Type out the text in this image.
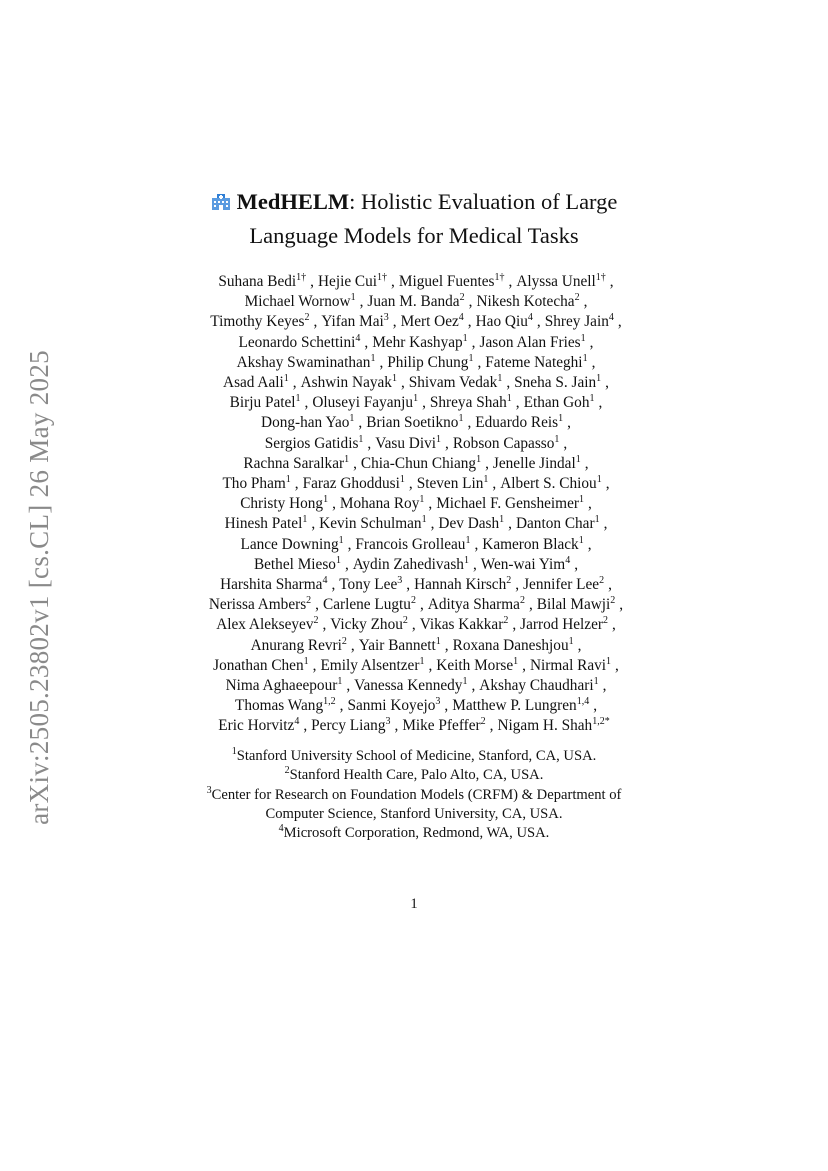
arXiv:2505.23802v1 [cs.CL] 26 May 2025
MedHELM: Holistic Evaluation of Large
Language Models for Medical Tasks
Suhana Bedi$^{1\dagger}$ , Hejie Cui$^{1\dagger}$ , Miguel Fuentes$^{1\dagger}$ , Alyssa Unell$^{1\dagger}$ ,
Michael Wornow$^1$ , Juan M. Banda$^2$ , Nikesh Kotecha$^2$ ,
Timothy Keyes$^2$ , Yifan Mai$^3$ , Mert Oez$^4$ , Hao Qiu$^4$ , Shrey Jain$^4$ ,
Leonardo Schettini$^4$ , Mehr Kashyap$^1$ , Jason Alan Fries$^1$ ,
Akshay Swaminathan$^1$ , Philip Chung$^1$ , Fateme Nateghi$^1$ ,
Asad Aali$^1$ , Ashwin Nayak$^1$ , Shivam Vedak$^1$ , Sneha S. Jain$^1$ ,
Birju Patel$^1$ , Oluseyi Fayanju$^1$ , Shreya Shah$^1$ , Ethan Goh$^1$ ,
Dong-han Yao$^1$ , Brian Soetikno$^1$ , Eduardo Reis$^1$ ,
Sergios Gatidis$^1$ , Vasu Divi$^1$ , Robson Capasso$^1$ ,
Rachna Saralkar$^1$ , Chia-Chun Chiang$^1$ , Jenelle Jindal$^1$ ,
Tho Pham$^1$ , Faraz Ghoddusi$^1$ , Steven Lin$^1$ , Albert S. Chiou$^1$ ,
Christy Hong$^1$ , Mohana Roy$^1$ , Michael F. Gensheimer$^1$ ,
Hinesh Patel$^1$ , Kevin Schulman$^1$ , Dev Dash$^1$ , Danton Char$^1$ ,
Lance Downing$^1$ , Francois Grolleau$^1$ , Kameron Black$^1$ ,
Bethel Mieso$^1$ , Aydin Zahedivash$^1$ , Wen-wai Yim$^4$ ,
Harshita Sharma$^4$ , Tony Lee$^3$ , Hannah Kirsch$^2$ , Jennifer Lee$^2$ ,
Nerissa Ambers$^2$ , Carlene Lugtu$^2$ , Aditya Sharma$^2$ , Bilal Mawji$^2$ ,
Alex Alekseyev$^2$ , Vicky Zhou$^2$ , Vikas Kakkar$^2$ , Jarrod Helzer$^2$ ,
Anurang Revri$^2$ , Yair Bannett$^1$ , Roxana Daneshjou$^1$ ,
Jonathan Chen$^1$ , Emily Alsentzer$^1$ , Keith Morse$^1$ , Nirmal Ravi$^1$ ,
Nima Aghaeepour$^1$ , Vanessa Kennedy$^1$ , Akshay Chaudhari$^1$ ,
Thomas Wang$^{1,2}$ , Sanmi Koyejo$^3$ , Matthew P. Lungren$^{1,4}$ ,
Eric Horvitz$^4$ , Percy Liang$^3$ , Mike Pfeffer$^2$ , Nigam H. Shah$^{1,2*}$
$^1$Stanford University School of Medicine, Stanford, CA, USA.
$^2$Stanford Health Care, Palo Alto, CA, USA.
$^3$Center for Research on Foundation Models (CRFM) & Department of
Computer Science, Stanford University, CA, USA.
$^4$Microsoft Corporation, Redmond, WA, USA.
1
